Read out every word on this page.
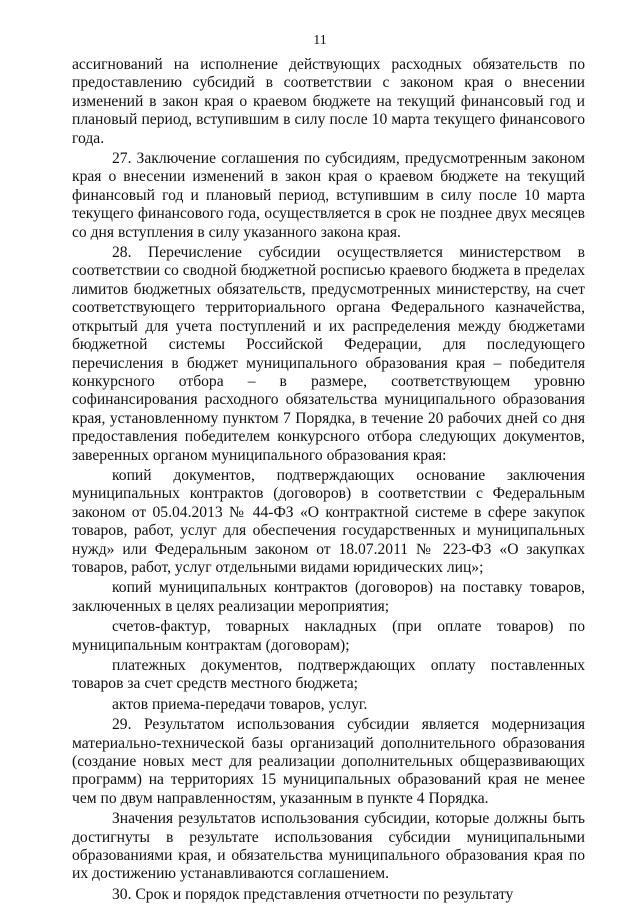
11

ассигнований на исполнение действующих расходных обязательств по предоставлению субсидий в соответствии с законом края о внесении изменений в закон края о краевом бюджете на текущий финансовый год и плановый период, вступившим в силу после 10 марта текущего финансового года.

27. Заключение соглашения по субсидиям, предусмотренным законом края о внесении изменений в закон края о краевом бюджете на текущий финансовый год и плановый период, вступившим в силу после 10 марта текущего финансового года, осуществляется в срок не позднее двух месяцев со дня вступления в силу указанного закона края.

28. Перечисление субсидии осуществляется министерством в соответствии со сводной бюджетной росписью краевого бюджета в пределах лимитов бюджетных обязательств, предусмотренных министерству, на счет соответствующего территориального органа Федерального казначейства, открытый для учета поступлений и их распределения между бюджетами бюджетной системы Российской Федерации, для последующего перечисления в бюджет муниципального образования края – победителя конкурсного отбора – в размере, соответствующем уровню софинансирования расходного обязательства муниципального образования края, установленному пунктом 7 Порядка, в течение 20 рабочих дней со дня предоставления победителем конкурсного отбора следующих документов, заверенных органом муниципального образования края:

копий документов, подтверждающих основание заключения муниципальных контрактов (договоров) в соответствии с Федеральным законом от 05.04.2013 № 44-ФЗ «О контрактной системе в сфере закупок товаров, работ, услуг для обеспечения государственных и муниципальных нужд» или Федеральным законом от 18.07.2011 № 223-ФЗ «О закупках товаров, работ, услуг отдельными видами юридических лиц»;

копий муниципальных контрактов (договоров) на поставку товаров, заключенных в целях реализации мероприятия;

счетов-фактур, товарных накладных (при оплате товаров) по муниципальным контрактам (договорам);

платежных документов, подтверждающих оплату поставленных товаров за счет средств местного бюджета;

актов приема-передачи товаров, услуг.

29. Результатом использования субсидии является модернизация материально-технической базы организаций дополнительного образования (создание новых мест для реализации дополнительных общеразвивающих программ) на территориях 15 муниципальных образований края не менее чем по двум направленностям, указанным в пункте 4 Порядка.

Значения результатов использования субсидии, которые должны быть достигнуты в результате использования субсидии муниципальными образованиями края, и обязательства муниципального образования края по их достижению устанавливаются соглашением.

30. Срок и порядок представления отчетности по результату
